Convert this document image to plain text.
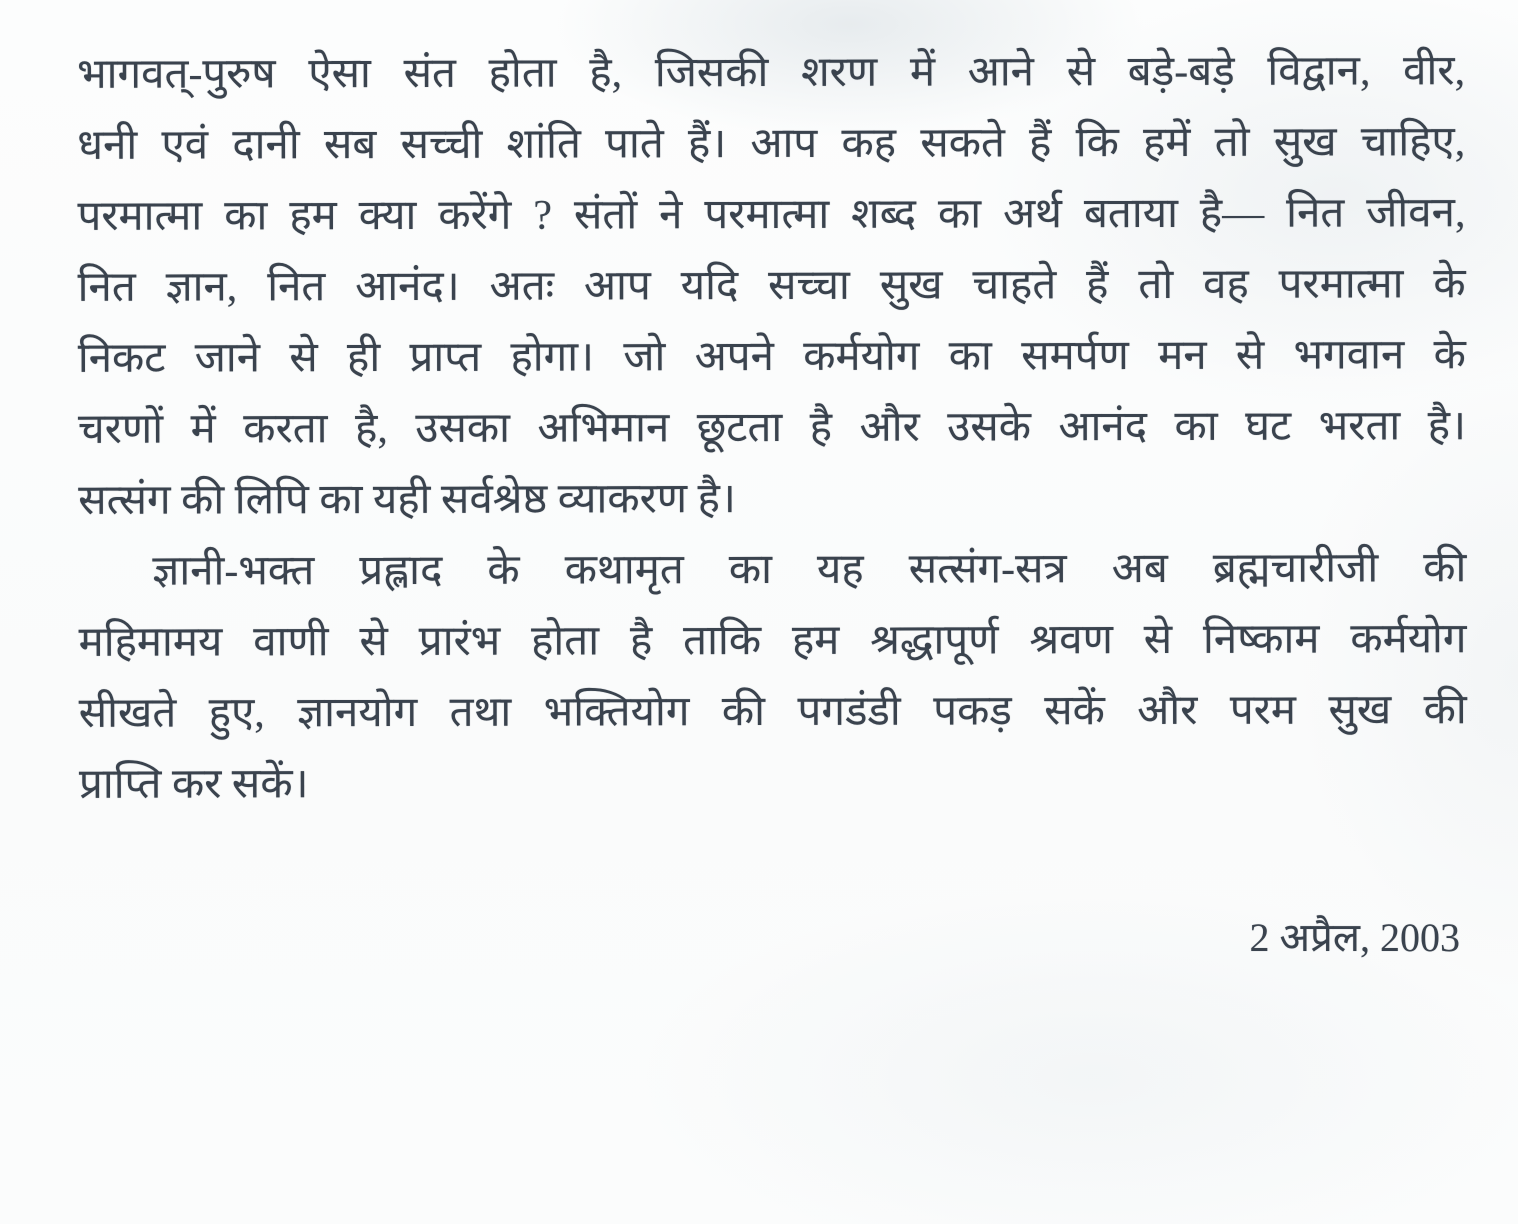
भागवत्-पुरुष ऐसा संत होता है, जिसकी शरण में आने से बड़े-बड़े विद्वान, वीर,

धनी एवं दानी सब सच्ची शांति पाते हैं। आप कह सकते हैं कि हमें तो सुख चाहिए,

परमात्मा का हम क्या करेंगे ? संतों ने परमात्मा शब्द का अर्थ बताया है— नित जीवन,

नित ज्ञान, नित आनंद। अतः आप यदि सच्चा सुख चाहते हैं तो वह परमात्मा के

निकट जाने से ही प्राप्त होगा। जो अपने कर्मयोग का समर्पण मन से भगवान के

चरणों में करता है, उसका अभिमान छूटता है और उसके आनंद का घट भरता है।

सत्संग की लिपि का यही सर्वश्रेष्ठ व्याकरण है।

ज्ञानी-भक्त प्रह्लाद के कथामृत का यह सत्संग-सत्र अब ब्रह्मचारीजी की

महिमामय वाणी से प्रारंभ होता है ताकि हम श्रद्धापूर्ण श्रवण से निष्काम कर्मयोग

सीखते हुए, ज्ञानयोग तथा भक्तियोग की पगडंडी पकड़ सकें और परम सुख की

प्राप्ति कर सकें।

2 अप्रैल, 2003
